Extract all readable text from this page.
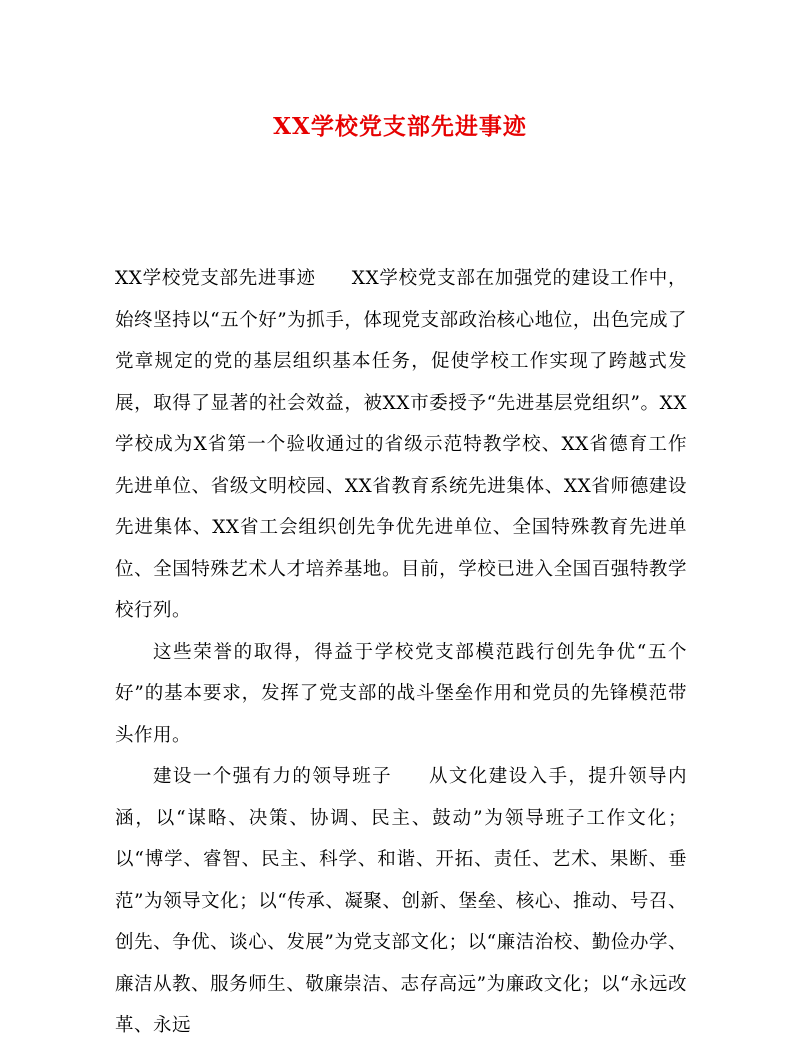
XX学校党支部先进事迹

XX学校党支部先进事迹 XX学校党支部在加强党的建设工作中，始终坚持以“五个好”为抓手，体现党支部政治核心地位，出色完成了党章规定的党的基层组织基本任务，促使学校工作实现了跨越式发展，取得了显著的社会效益，被XX市委授予“先进基层党组织”。XX学校成为X省第一个验收通过的省级示范特教学校、XX省德育工作先进单位、省级文明校园、XX省教育系统先进集体、XX省师德建设先进集体、XX省工会组织创先争优先进单位、全国特殊教育先进单位、全国特殊艺术人才培养基地。目前，学校已进入全国百强特教学校行列。

这些荣誉的取得，得益于学校党支部模范践行创先争优“五个好”的基本要求，发挥了党支部的战斗堡垒作用和党员的先锋模范带头作用。

建设一个强有力的领导班子 从文化建设入手，提升领导内涵，以“谋略、决策、协调、民主、鼓动”为领导班子工作文化；以“博学、睿智、民主、科学、和谐、开拓、责任、艺术、果断、垂范”为领导文化；以“传承、凝聚、创新、堡垒、核心、推动、号召、创先、争优、谈心、发展”为党支部文化；以“廉洁治校、勤俭办学、廉洁从教、服务师生、敬廉崇洁、志存高远”为廉政文化；以“永远改革、永远
